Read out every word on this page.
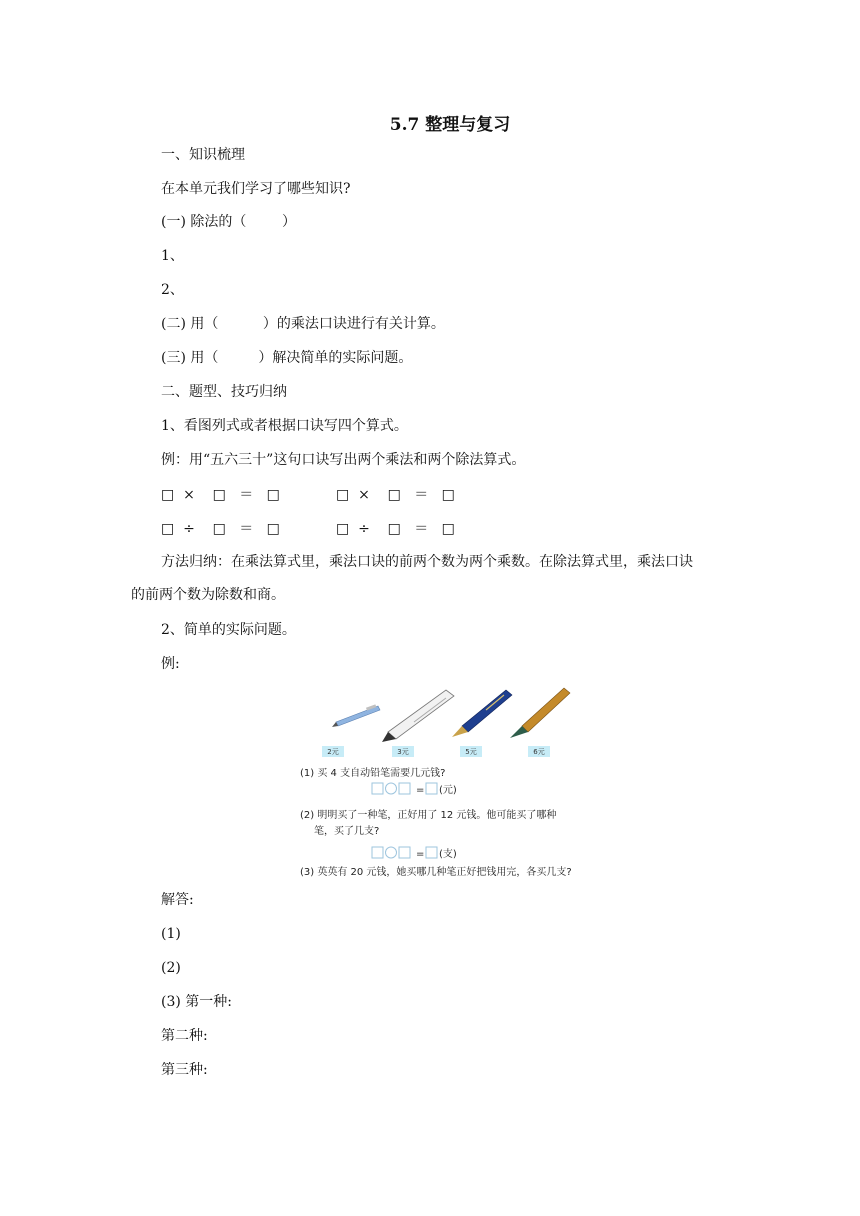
5.7 整理与复习
一、知识梳理
在本单元我们学习了哪些知识?
(一) 除法的（        ）
1、
2、
(二) 用（          ）的乘法口诀进行有关计算。
(三) 用（         ）解决简单的实际问题。
二、题型、技巧归纳
1、看图列式或者根据口诀写四个算式。
例：用“五六三十”这句口诀写出两个乘法和两个除法算式。
□  ×    □   ＝   □	□  ×    □   ＝   □
□  ÷    □   ＝   □	□  ÷    □   ＝   □
方法归纳：在乘法算式里，乘法口诀的前两个数为两个乘数。在除法算式里，乘法口诀
的前两个数为除数和商。
2、简单的实际问题。
例:
2元	3元	5元	6元
(1) 买 4 支自动铅笔需要几元钱?
= (元)
(2) 明明买了一种笔，正好用了 12 元钱。他可能买了哪种
笔，买了几支?
= (支)
(3) 英英有 20 元钱，她买哪几种笔正好把钱用完，各买几支?
解答:
(1)
(2)
(3) 第一种:
第二种:
第三种:
